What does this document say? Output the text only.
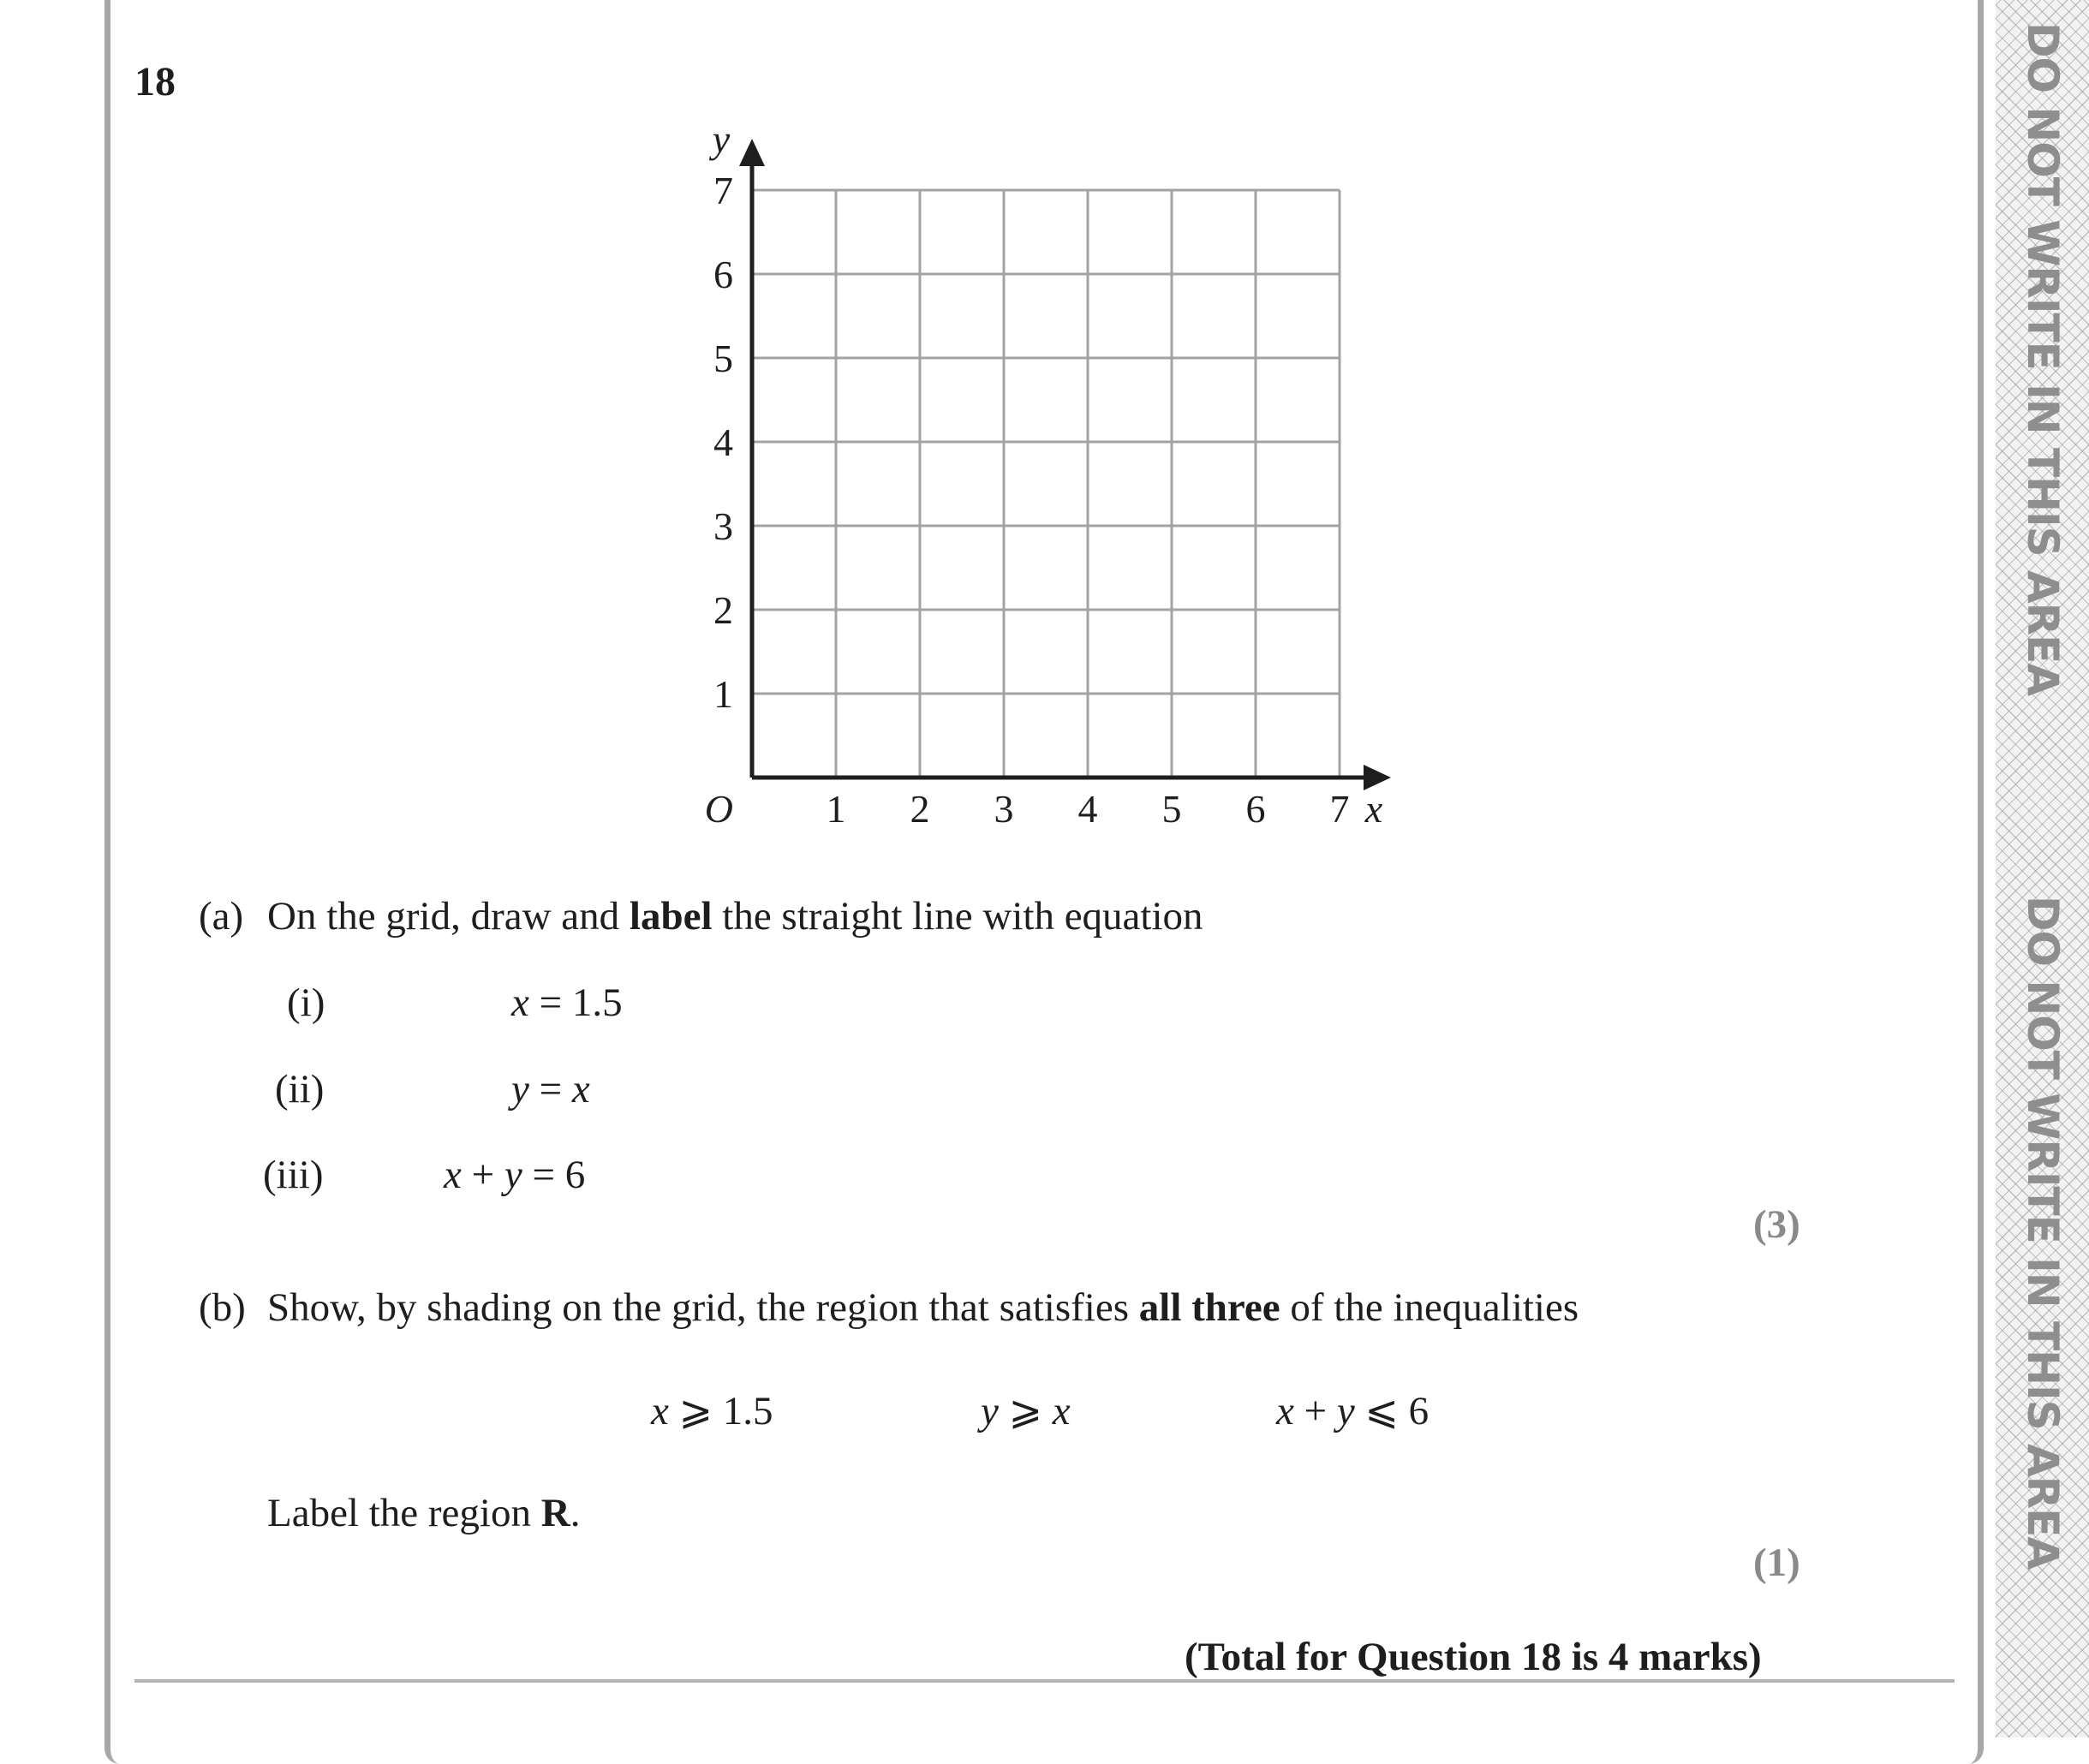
DO NOT WRITE IN THIS AREA
DO NOT WRITE IN THIS AREA
18
1 2 3 4 5 6 7
1
2
3
4
5
6
7
O	x
y
(a) On the grid, draw and label the straight line with equation
(i)	x = 1.5
(ii)	y = x
(iii)	x + y = 6
(3)
(b) Show, by shading on the grid, the region that satisfies all three of the inequalities
x ⩾ 1.5	y ⩾ x	x + y ⩽ 6
Label the region R.
(1)
(Total for Question 18 is 4 marks)
